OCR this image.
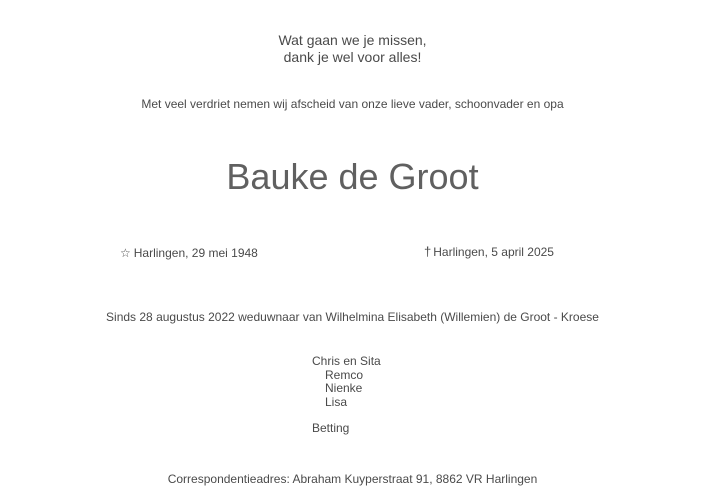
Wat gaan we je missen,
dank je wel voor alles!
Met veel verdriet nemen wij afscheid van onze lieve vader, schoonvader en opa
Bauke de Groot
☆ Harlingen, 29 mei 1948	† Harlingen, 5 april 2025
Sinds 28 augustus 2022 weduwnaar van Wilhelmina Elisabeth (Willemien) de Groot - Kroese
Chris en Sita
Remco
Nienke
Lisa
Betting
Correspondentieadres: Abraham Kuyperstraat 91, 8862 VR Harlingen
